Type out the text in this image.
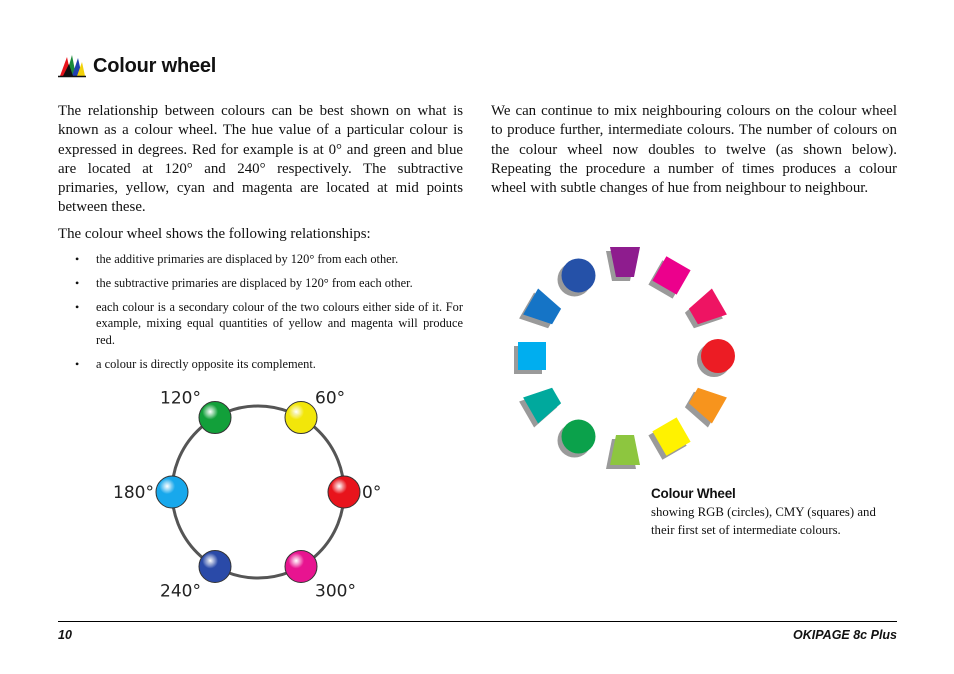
Colour wheel

The relationship between colours can be best shown on what is known as a colour wheel. The hue value of a particular colour is expressed in degrees. Red for example is at 0° and green and blue are located at 120° and 240° respectively. The subtractive primaries, yellow, cyan and magenta are located at mid points between these.

The colour wheel shows the following relationships:

• the additive primaries are displaced by 120° from each other.
• the subtractive primaries are displaced by 120° from each other.
• each colour is a secondary colour of the two colours either side of it. For example, mixing equal quantities of yellow and magenta will produce red.
• a colour is directly opposite its complement.

We can continue to mix neighbouring colours on the colour wheel to produce further, intermediate colours. The number of colours on the colour wheel now doubles to twelve (as shown below). Repeating the procedure a number of times produces a colour wheel with subtle changes of hue from neighbour to neighbour.

0°
60°
120°
180°
240°	300°
Colour Wheel
showing RGB (circles), CMY (squares) and their first set of intermediate colours.
10	OKIPAGE 8c Plus
